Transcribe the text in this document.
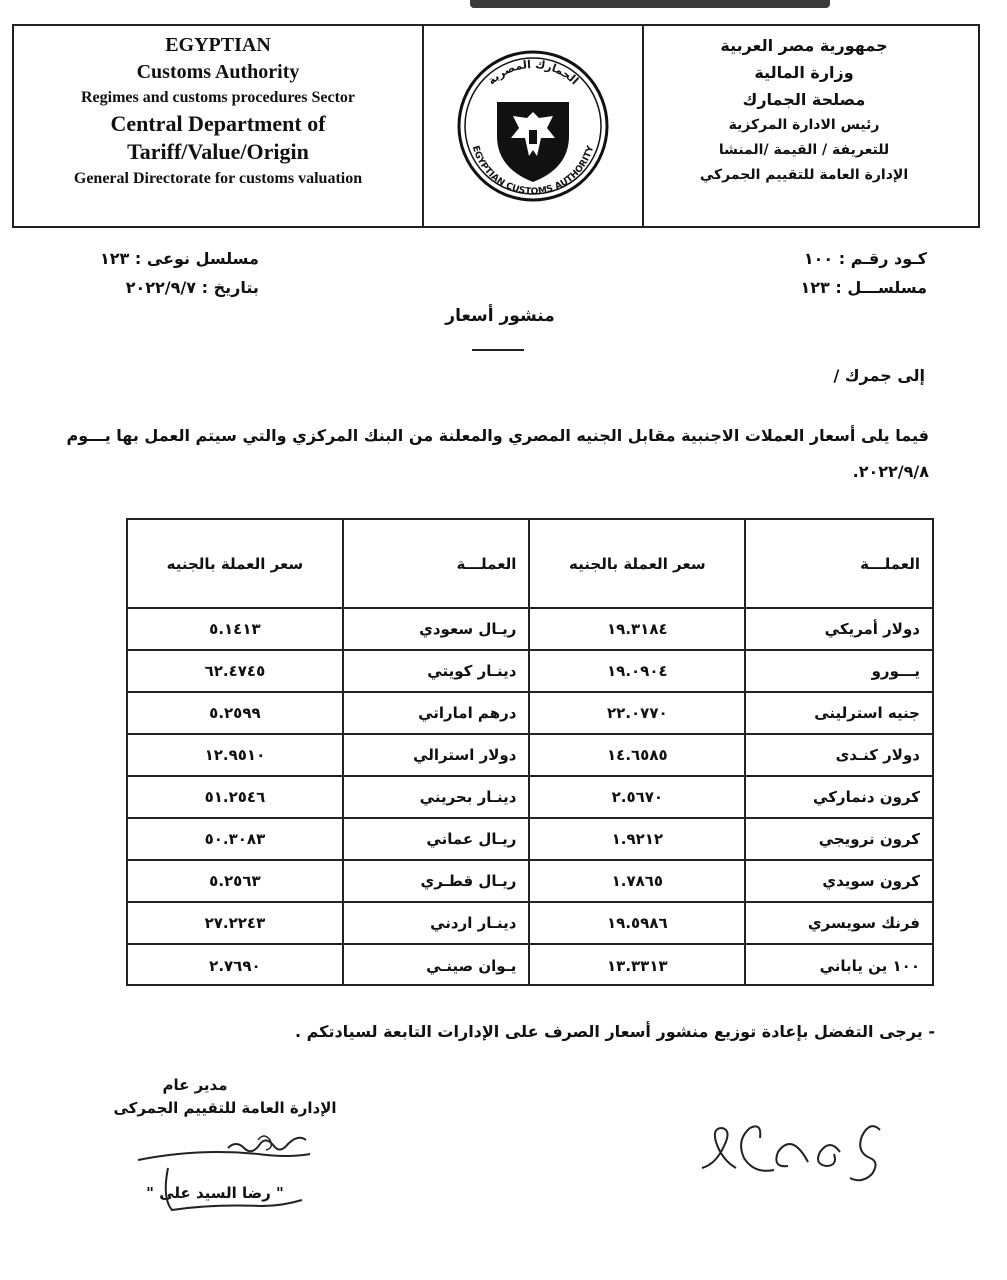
EGYPTIAN
Customs Authority
Regimes and customs procedures Sector
Central Department of
Tariff/Value/Origin
General Directorate for customs valuation
الجمارك المصرية
EGYPTIAN CUSTOMS AUTHORITY
جمهورية مصر العربية
وزارة المالية
مصلحة الجمارك
رئيس الادارة المركزية
للتعريفة / القيمة /المنشا
الإدارة العامة للتقييم الجمركي
كـود رقـم : ١٠٠
مسلســـل : ١٢٣
مسلسل نوعى : ١٢٣
بتاريخ : ٢٠٢٢/٩/٧
منشور أسعار
إلى جمرك /
فيما يلى أسعار العملات الاجنبية مقابل الجنيه المصري والمعلنة من البنك المركزي والتي سيتم العمل بها يـــوم ٢٠٢٢/٩/٨.
العملـــة	سعر العملة بالجنيه	العملـــة	سعر العملة بالجنيه
دولار أمريكي	١٩.٣١٨٤	ريـال سعودي	٥.١٤١٣
يـــورو	١٩.٠٩٠٤	دينـار كويتي	٦٢.٤٧٤٥
جنيه استرلينى	٢٢.٠٧٧٠	درهم اماراتي	٥.٢٥٩٩
دولار كنـدى	١٤.٦٥٨٥	دولار استرالي	١٢.٩٥١٠
كرون دنماركي	٢.٥٦٧٠	دينـار بحريني	٥١.٢٥٤٦
كرون نرويجي	١.٩٢١٢	ريـال عماني	٥٠.٣٠٨٣
كرون سويدي	١.٧٨٦٥	ريـال قطـري	٥.٢٥٦٣
فرنك سويسري	١٩.٥٩٨٦	دينـار اردني	٢٧.٢٢٤٣
١٠٠ ين ياباني	١٣.٣٣١٣	يـوان صينـي	٢.٧٦٩٠
- يرجى التفضل بإعادة توزيع منشور أسعار الصرف على الإدارات التابعة لسيادتكم .
مدير عام
الإدارة العامة للتقييم الجمركى
" رضا السيد على "
